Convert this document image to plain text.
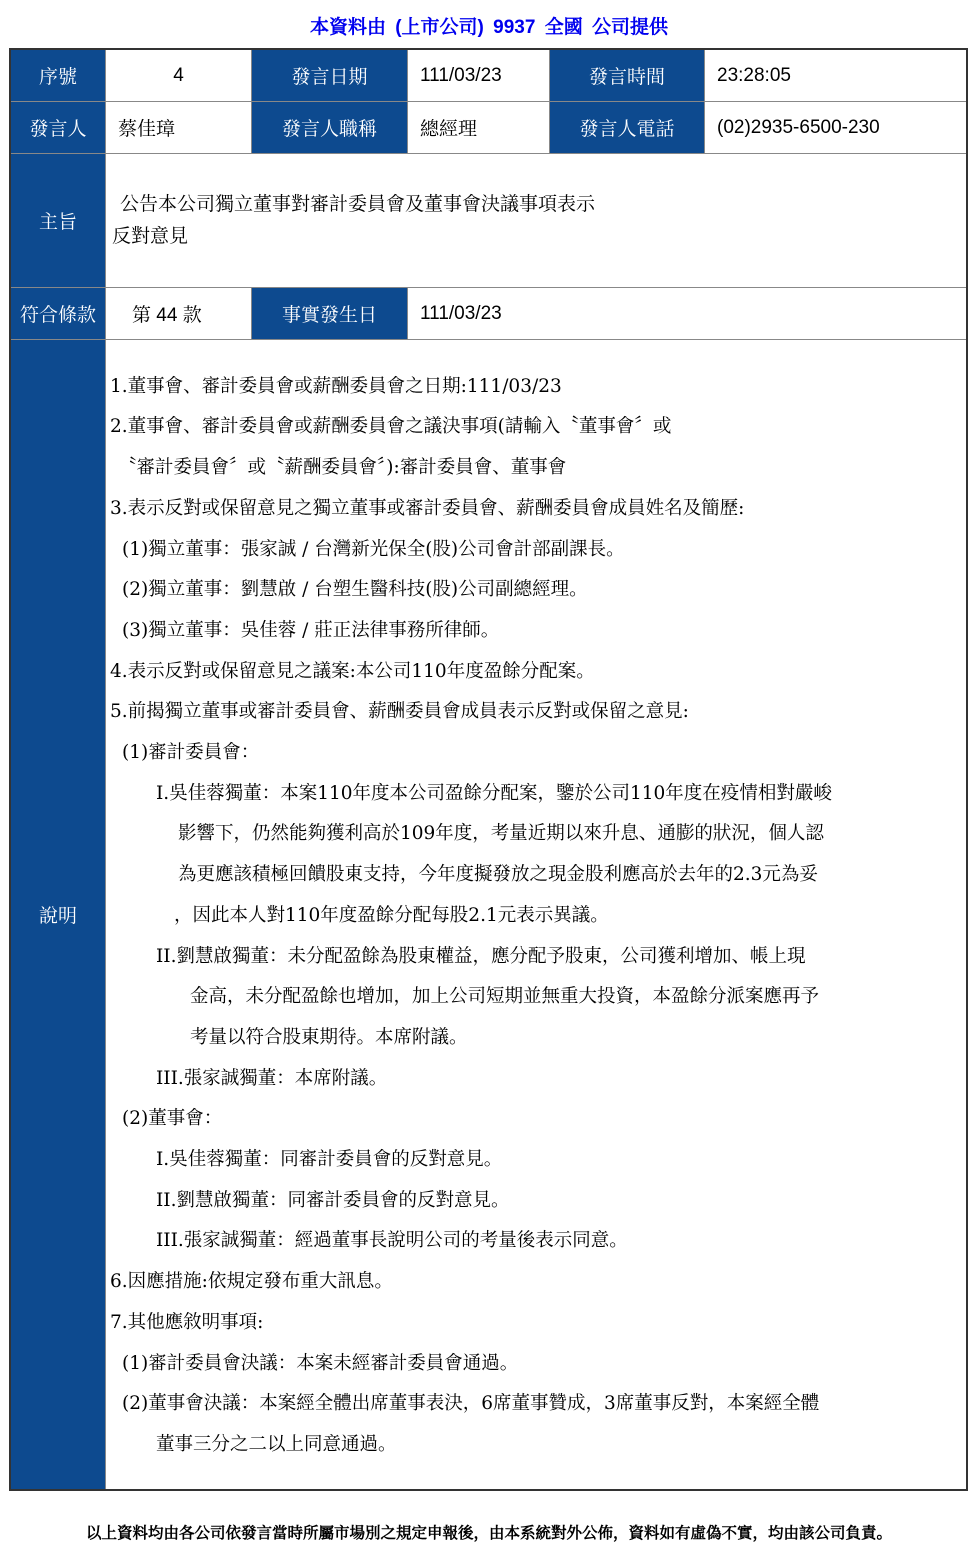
本資料由 (上市公司) 9937 全國 公司提供
序號	4	發言日期	111/03/23	發言時間	23:28:05
發言人	蔡佳璋	發言人職稱	總經理	發言人電話	(02)2935-6500-230
主旨
公告本公司獨立董事對審計委員會及董事會決議事項表示
反對意見
符合條款	第 44 款	事實發生日	111/03/23
說明
1.董事會、審計委員會或薪酬委員會之日期:111/03/23
2.董事會、審計委員會或薪酬委員會之議決事項(請輸入〝董事會〞或
〝審計委員會〞或〝薪酬委員會〞):審計委員會、董事會
3.表示反對或保留意見之獨立董事或審計委員會、薪酬委員會成員姓名及簡歷:
(1)獨立董事：張家誠 / 台灣新光保全(股)公司會計部副課長。
(2)獨立董事：劉慧啟 / 台塑生醫科技(股)公司副總經理。
(3)獨立董事：吳佳蓉 / 莊正法律事務所律師。
4.表示反對或保留意見之議案:本公司110年度盈餘分配案。
5.前揭獨立董事或審計委員會、薪酬委員會成員表示反對或保留之意見:
(1)審計委員會：
I.吳佳蓉獨董：本案110年度本公司盈餘分配案，鑒於公司110年度在疫情相對嚴峻
影響下，仍然能夠獲利高於109年度，考量近期以來升息、通膨的狀況，個人認
為更應該積極回饋股東支持，今年度擬發放之現金股利應高於去年的2.3元為妥
，因此本人對110年度盈餘分配每股2.1元表示異議。
II.劉慧啟獨董：未分配盈餘為股東權益，應分配予股東，公司獲利增加、帳上現
金高，未分配盈餘也增加，加上公司短期並無重大投資，本盈餘分派案應再予
考量以符合股東期待。本席附議。
III.張家誠獨董：本席附議。
(2)董事會：
I.吳佳蓉獨董：同審計委員會的反對意見。
II.劉慧啟獨董：同審計委員會的反對意見。
III.張家誠獨董：經過董事長說明公司的考量後表示同意。
6.因應措施:依規定發布重大訊息。
7.其他應敘明事項:
(1)審計委員會決議：本案未經審計委員會通過。
(2)董事會決議：本案經全體出席董事表決，6席董事贊成，3席董事反對，本案經全體
董事三分之二以上同意通過。
以上資料均由各公司依發言當時所屬市場別之規定申報後，由本系統對外公佈，資料如有虛偽不實，均由該公司負責。
